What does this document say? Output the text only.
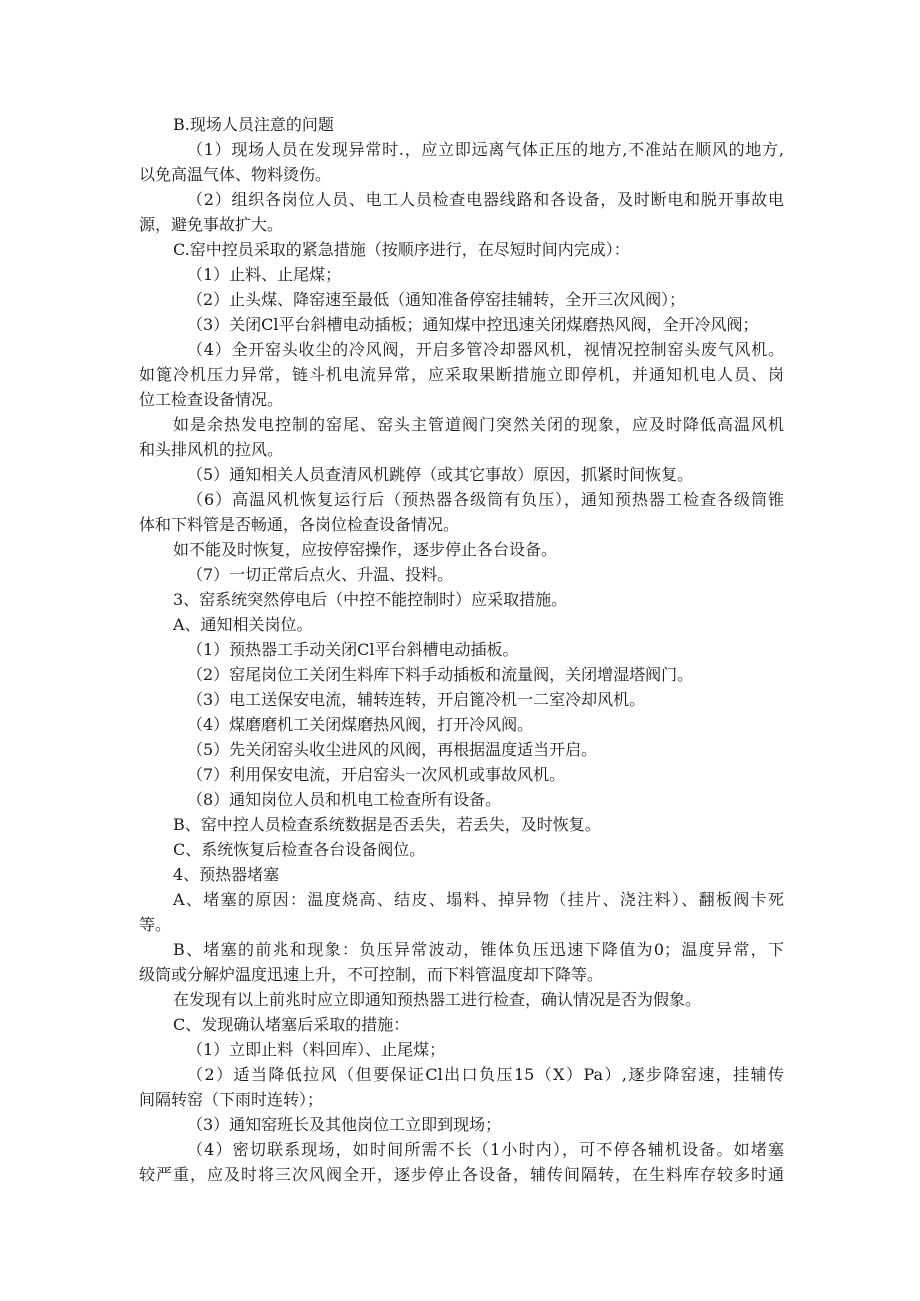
B.现场人员注意的问题
（1）现场人员在发现异常时.，应立即远离气体正压的地方,不准站在顺风的地方,
以免高温气体、物料烫伤。
（2）组织各岗位人员、电工人员检查电器线路和各设备，及时断电和脱开事故电
源，避免事故扩大。
C.窑中控员采取的紧急措施（按顺序进行，在尽短时间内完成）：
（1）止料、止尾煤；
（2）止头煤、降窑速至最低（通知准备停窑挂辅转，全开三次风阀）；
（3）关闭Cl平台斜槽电动插板；通知煤中控迅速关闭煤磨热风阀，全开冷风阀；
（4）全开窑头收尘的冷风阀，开启多管冷却器风机，视情况控制窑头废气风机。
如篦冷机压力异常，链斗机电流异常，应采取果断措施立即停机，并通知机电人员、岗
位工检查设备情况。
如是余热发电控制的窑尾、窑头主管道阀门突然关闭的现象，应及时降低高温风机
和头排风机的拉风。
（5）通知相关人员查清风机跳停（或其它事故）原因，抓紧时间恢复。
（6）高温风机恢复运行后（预热器各级筒有负压），通知预热器工检查各级筒锥
体和下料管是否畅通，各岗位检查设备情况。
如不能及时恢复，应按停窑操作，逐步停止各台设备。
（7）一切正常后点火、升温、投料。
3、窑系统突然停电后（中控不能控制时）应采取措施。
A、通知相关岗位。
（1）预热器工手动关闭Cl平台斜槽电动插板。
（2）窑尾岗位工关闭生料库下料手动插板和流量阀，关闭增湿塔阀门。
（3）电工送保安电流，辅转连转，开启篦冷机一二室冷却风机。
（4）煤磨磨机工关闭煤磨热风阀，打开冷风阀。
（5）先关闭窑头收尘进风的风阀，再根据温度适当开启。
（7）利用保安电流，开启窑头一次风机或事故风机。
（8）通知岗位人员和机电工检查所有设备。
B、窑中控人员检查系统数据是否丢失，若丢失，及时恢复。
C、系统恢复后检查各台设备阀位。
4、预热器堵塞
A、堵塞的原因：温度烧高、结皮、塌料、掉异物（挂片、浇注料）、翻板阀卡死
等。
B、堵塞的前兆和现象：负压异常波动，锥体负压迅速下降值为0；温度异常，下
级筒或分解炉温度迅速上升，不可控制，而下料管温度却下降等。
在发现有以上前兆时应立即通知预热器工进行检查，确认情况是否为假象。
C、发现确认堵塞后采取的措施：
（1）立即止料（料回库）、止尾煤；
（2）适当降低拉风（但要保证Cl出口负压15（X）Pa）,逐步降窑速，挂辅传
间隔转窑（下雨时连转）；
（3）通知窑班长及其他岗位工立即到现场；
（4）密切联系现场，如时间所需不长（1小时内），可不停各辅机设备。如堵塞
较严重，应及时将三次风阀全开，逐步停止各设备，辅传间隔转，在生料库存较多时通
